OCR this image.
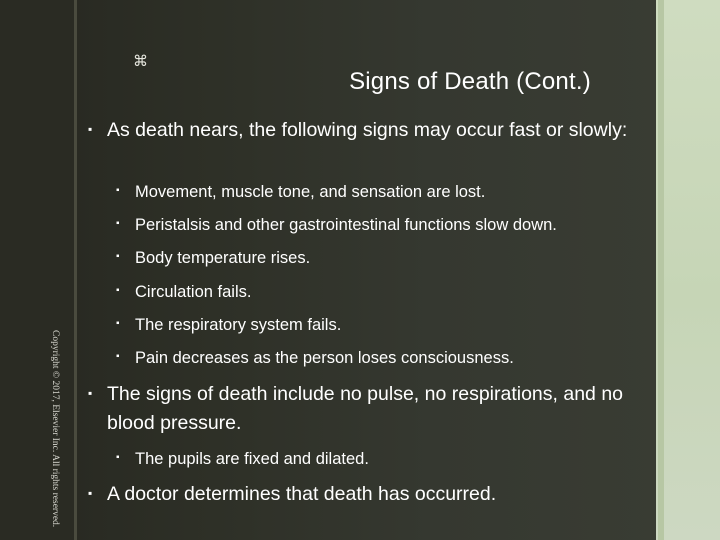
⌘
Signs of Death (Cont.)
Copyright © 2017, Elsevier Inc. All rights reserved.
▪ As death nears, the following signs may occur fast or slowly:
▪ Movement, muscle tone, and sensation are lost.
▪ Peristalsis and other gastrointestinal functions slow down.
▪ Body temperature rises.
▪ Circulation fails.
▪ The respiratory system fails.
▪ Pain decreases as the person loses consciousness.
▪ The signs of death include no pulse, no respirations, and no blood pressure.
▪ The pupils are fixed and dilated.
▪ A doctor determines that death has occurred.
